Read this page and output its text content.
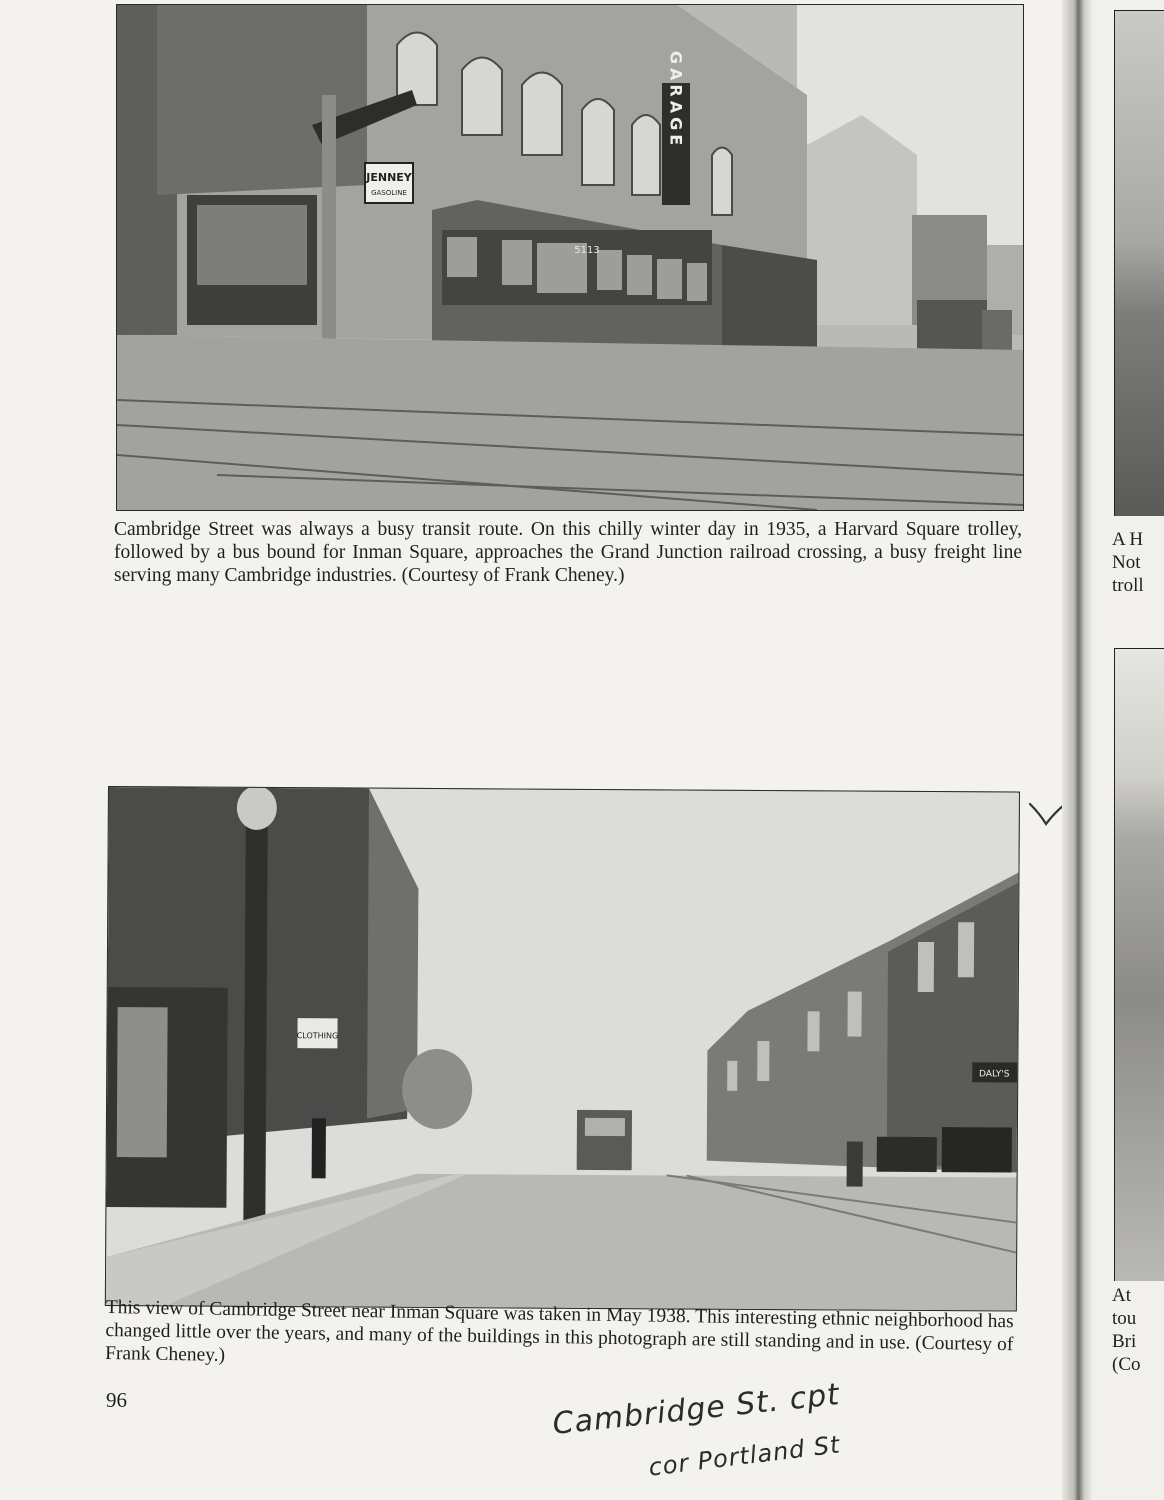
GARAGE
JENNEY
GASOLINE
5113

Cambridge Street was always a busy transit route. On this chilly winter day in 1935, a Harvard Square trolley, followed by a bus bound for Inman Square, approaches the Grand Junction railroad crossing, a busy freight line serving many Cambridge industries. (Courtesy of Frank Cheney.)

CLOTHING
DALY'S

This view of Cambridge Street near Inman Square was taken in May 1938. This interesting ethnic neighborhood has changed little over the years, and many of the buildings in this photograph are still standing and in use. (Courtesy of Frank Cheney.)

96	Cambridge St. cpt
cor Portland St
A H
Not
troll
At
tou
Bri
(Co
